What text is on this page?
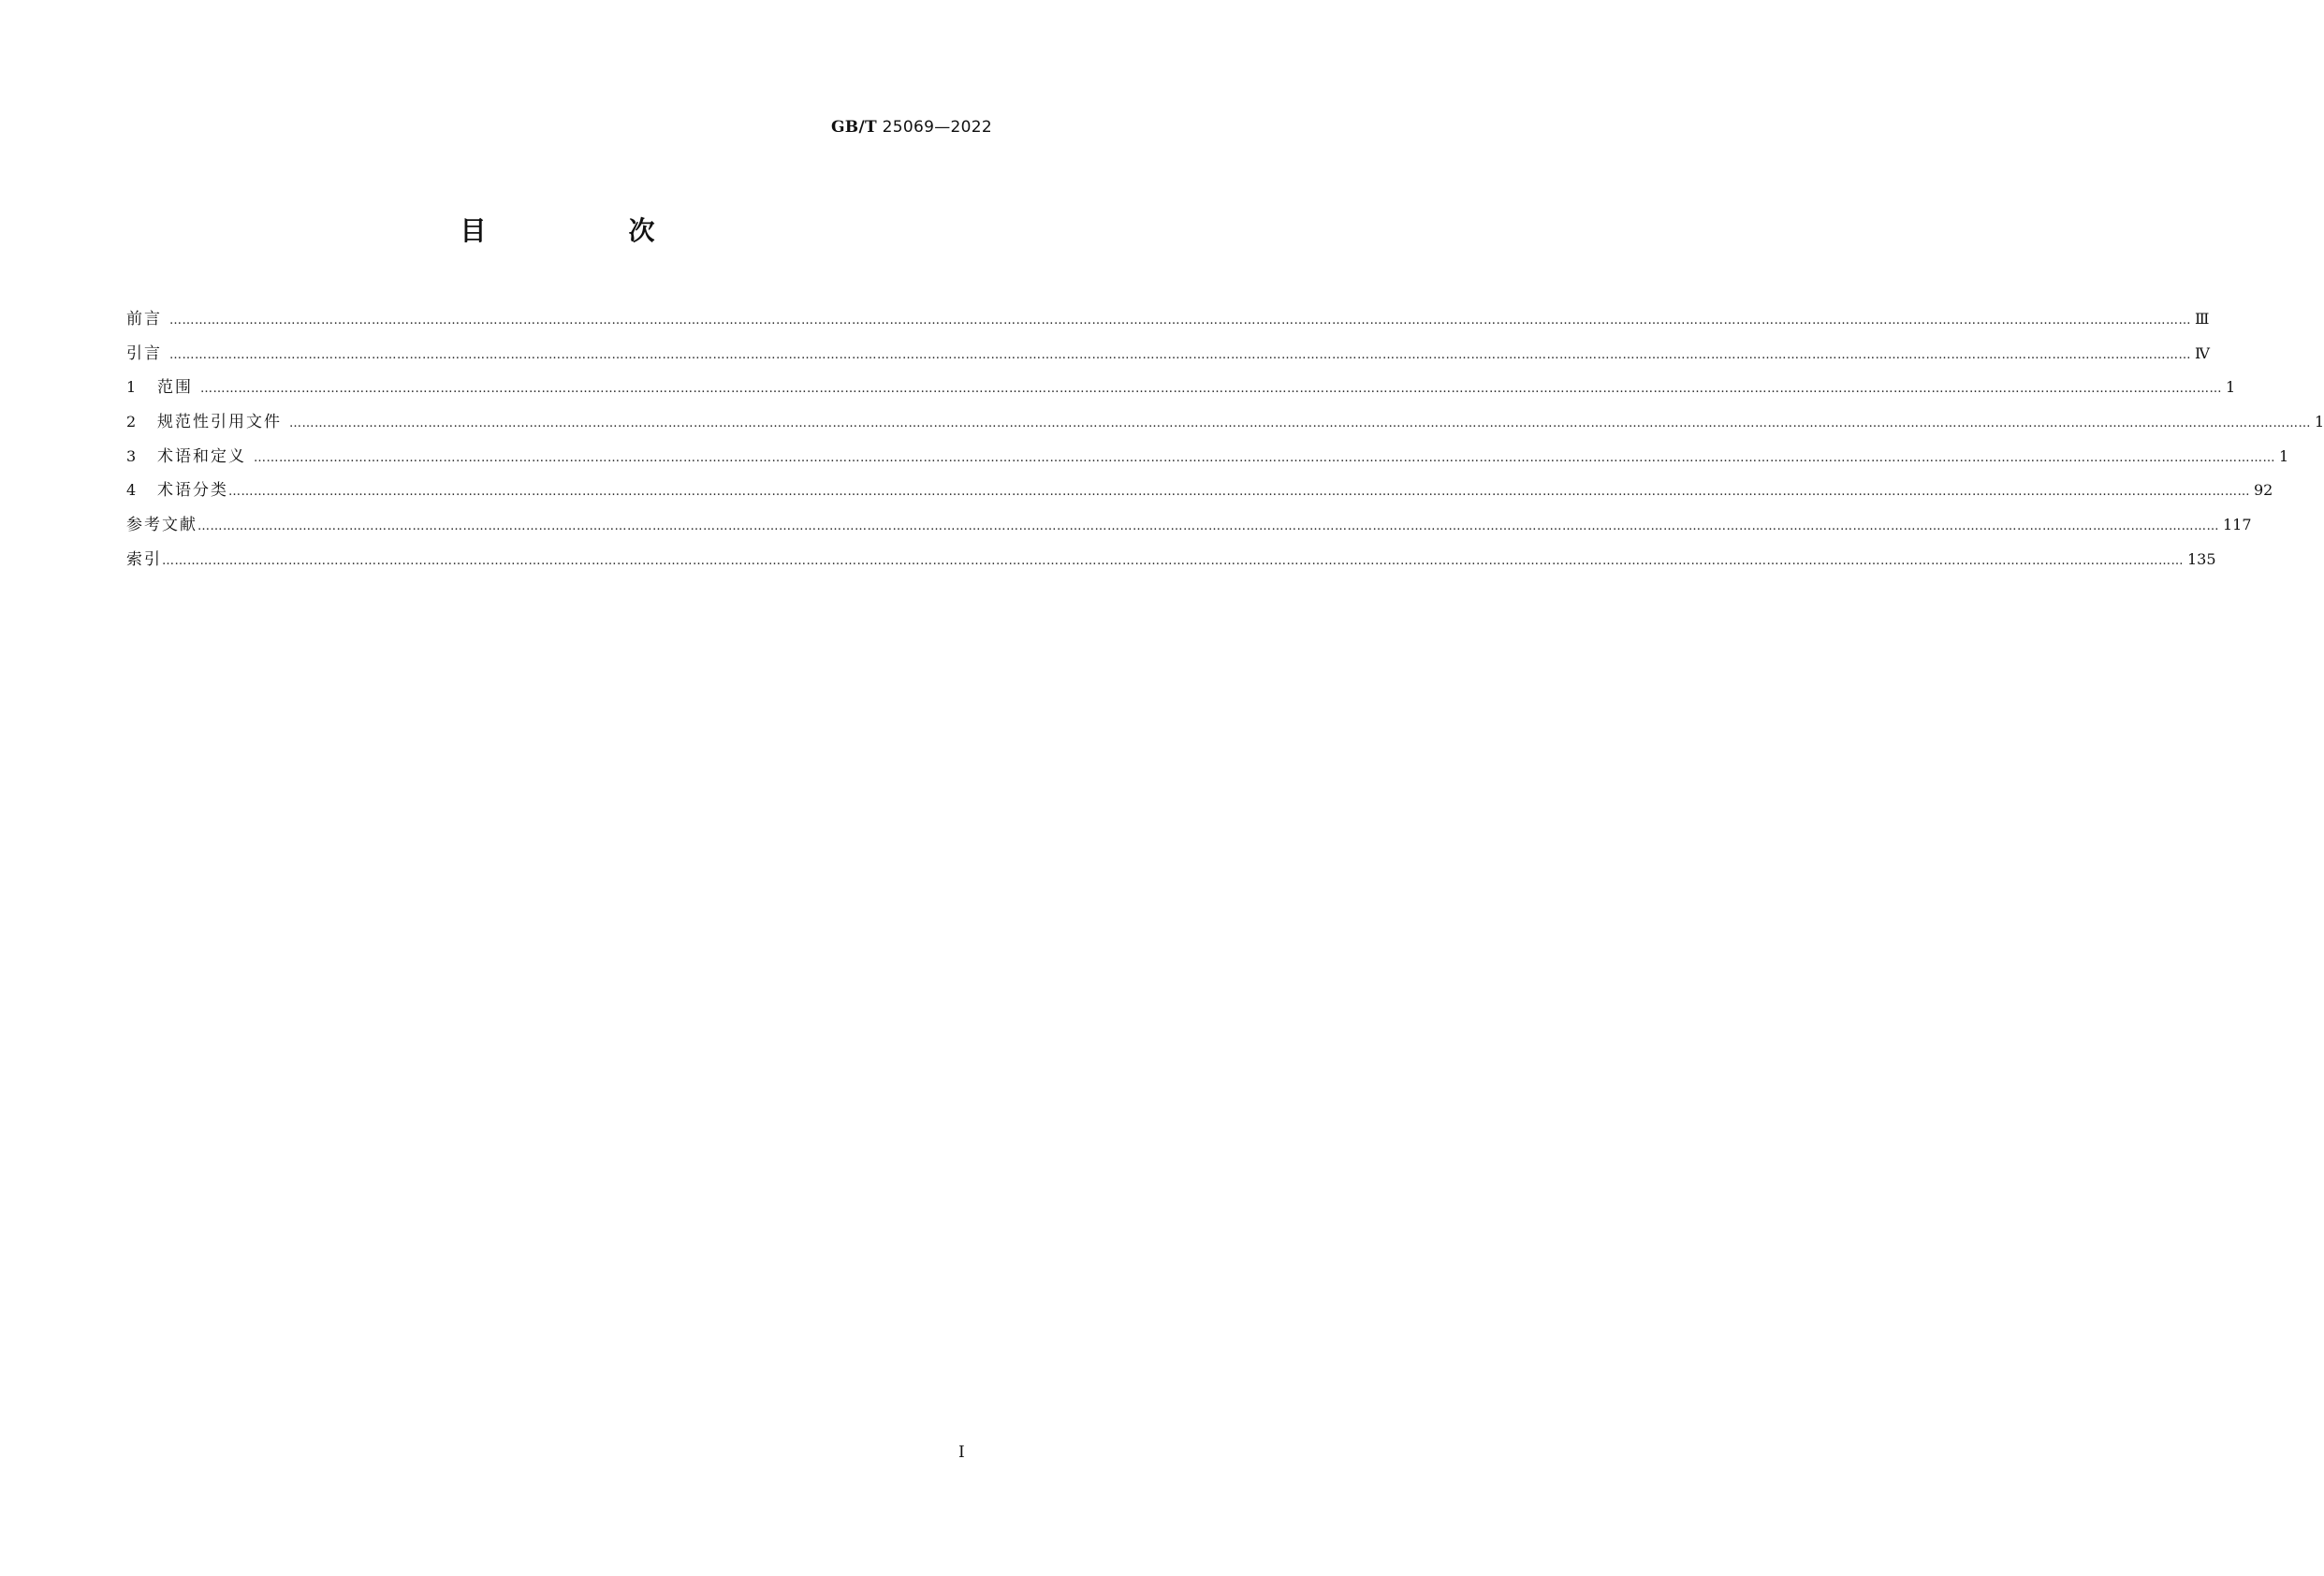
GB/T 25069—2022
目　次
前言 ………………………………………………………………………………………………………………………………………………………………………………………………………………………………………………………………………………………………………………………………………………………………………………………………………………………………………… Ⅲ
引言 ………………………………………………………………………………………………………………………………………………………………………………………………………………………………………………………………………………………………………………………………………………………………………………………………………………………………………… Ⅳ
1	范围 ………………………………………………………………………………………………………………………………………………………………………………………………………………………………………………………………………………………………………………………………………………………………………………………………………………………………………… 1
2	规范性引用文件 ………………………………………………………………………………………………………………………………………………………………………………………………………………………………………………………………………………………………………………………………………………………………………………………………………………………………………… 1
3	术语和定义 ………………………………………………………………………………………………………………………………………………………………………………………………………………………………………………………………………………………………………………………………………………………………………………………………………………………………………… 1
4	术语分类 ………………………………………………………………………………………………………………………………………………………………………………………………………………………………………………………………………………………………………………………………………………………………………………………………………………………………………… 92
参考文献 ………………………………………………………………………………………………………………………………………………………………………………………………………………………………………………………………………………………………………………………………………………………………………………………………………………………………………… 117
索引 ………………………………………………………………………………………………………………………………………………………………………………………………………………………………………………………………………………………………………………………………………………………………………………………………………………………………………… 135
Ⅰ
